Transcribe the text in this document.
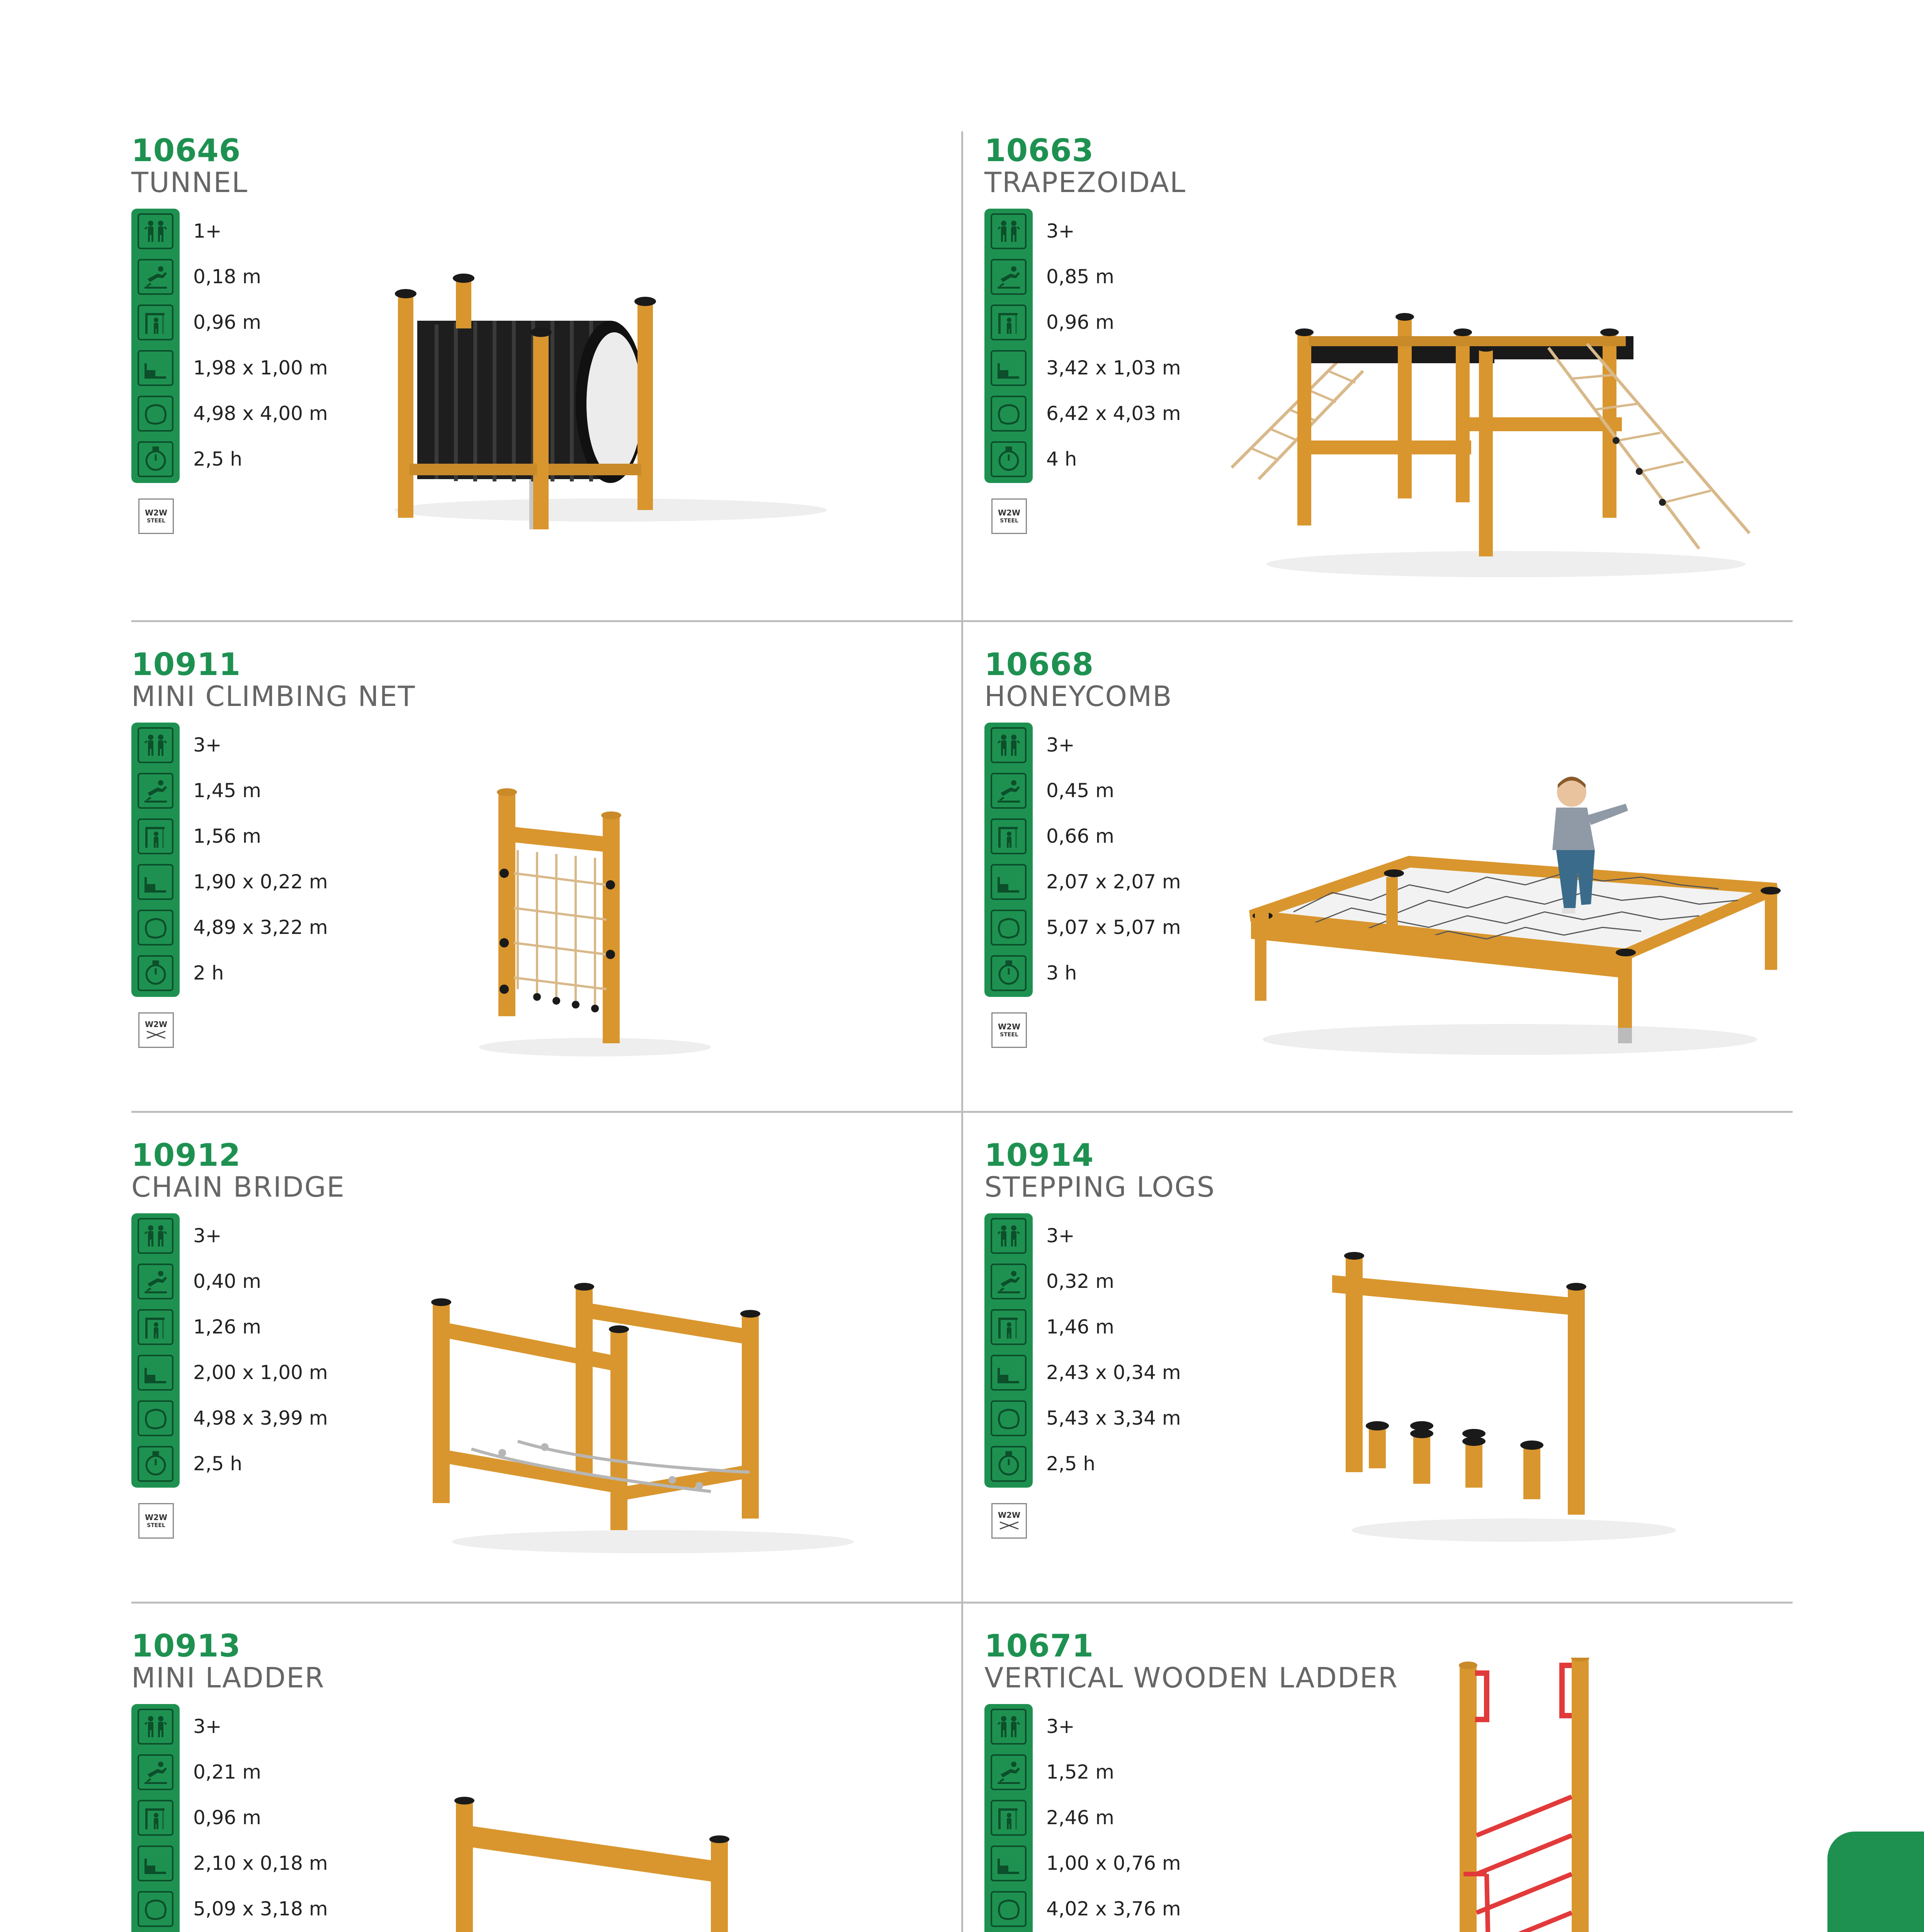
10646
TUNNEL
1+
0,18 m
0,96 m
1,98 x 1,00 m
4,98 x 4,00 m
2,5 h
W2W
STEEL
10663
TRAPEZOIDAL
3+
0,85 m
0,96 m
3,42 x 1,03 m
6,42 x 4,03 m
4 h
W2W
STEEL
10911
MINI CLIMBING NET
3+
1,45 m
1,56 m
1,90 x 0,22 m
4,89 x 3,22 m
2 h
W2W
10668
HONEYCOMB
3+
0,45 m
0,66 m
2,07 x 2,07 m
5,07 x 5,07 m
3 h
W2W
STEEL
10912
CHAIN BRIDGE
3+
0,40 m
1,26 m
2,00 x 1,00 m
4,98 x 3,99 m
2,5 h
W2W
STEEL
10914
STEPPING LOGS
3+
0,32 m
1,46 m
2,43 x 0,34 m
5,43 x 3,34 m
2,5 h
W2W
10913
MINI LADDER
3+
0,21 m
0,96 m
2,10 x 0,18 m
5,09 x 3,18 m
10671
VERTICAL WOODEN LADDER
3+
1,52 m
2,46 m
1,00 x 0,76 m
4,02 x 3,76 m
